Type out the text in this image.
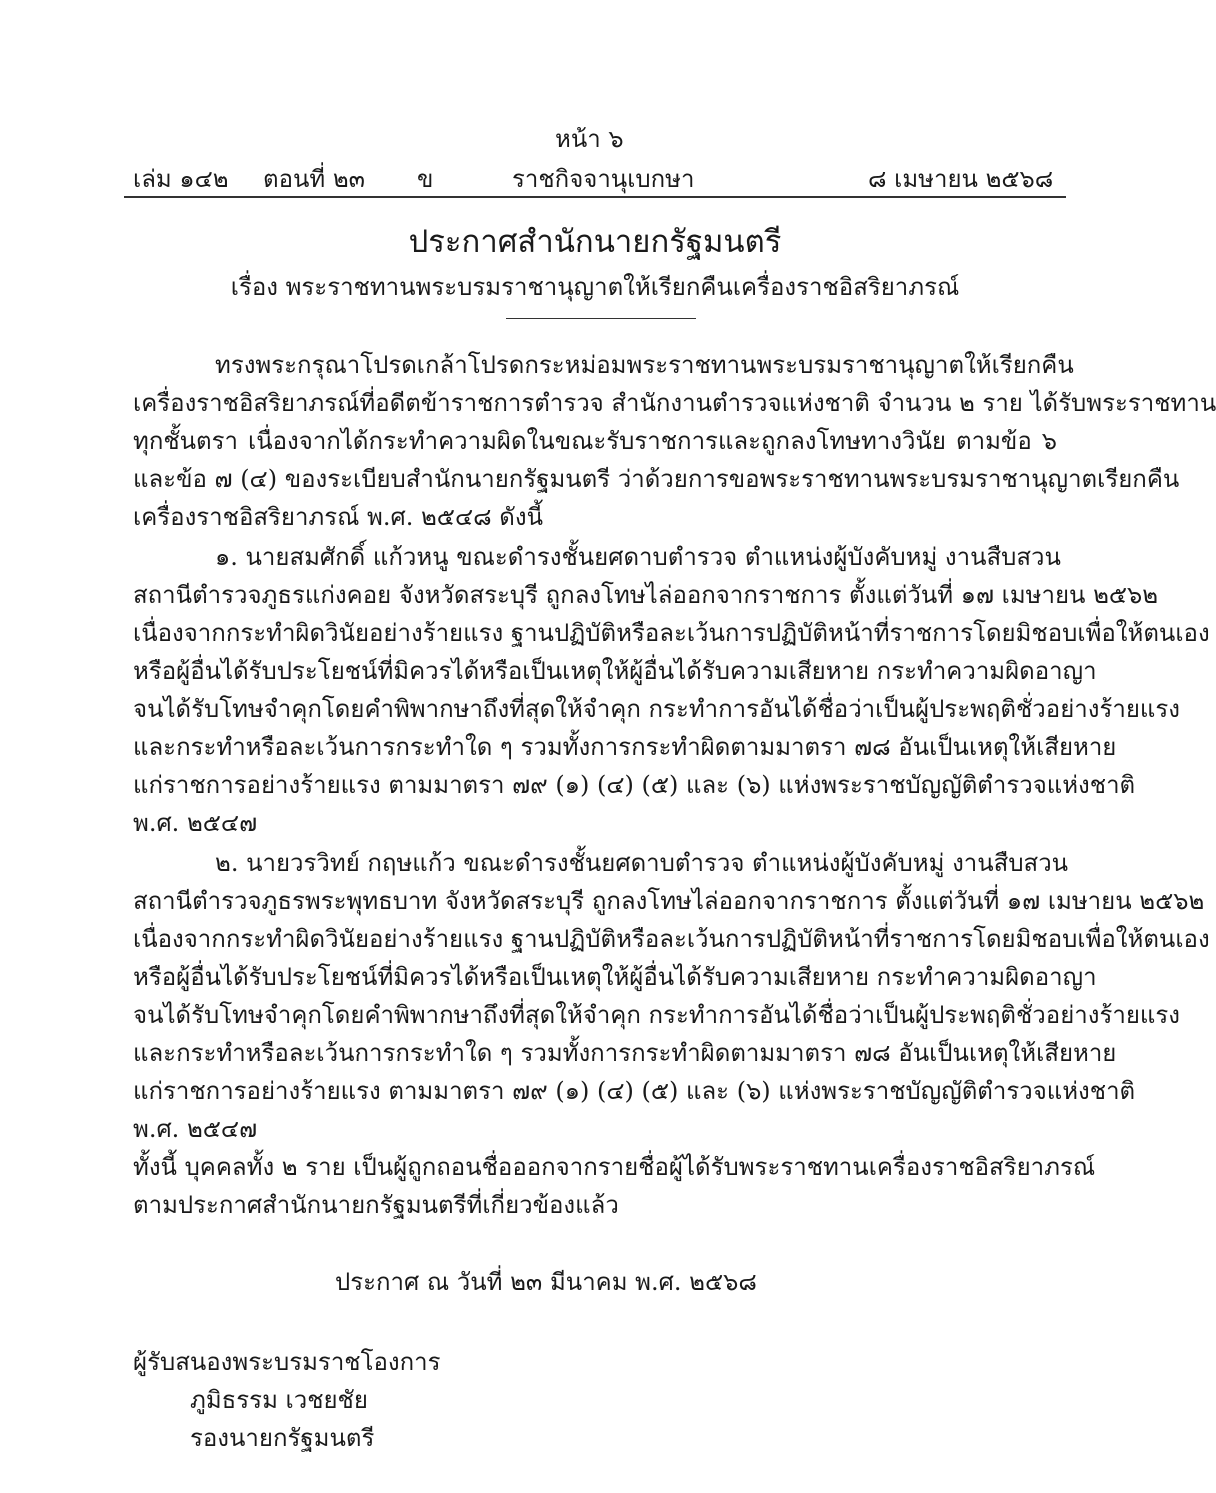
หน้า ๖
เล่ม ๑๔๒ ตอนที่ ๒๓ ข	ราชกิจจานุเบกษา	๘ เมษายน ๒๕๖๘
ประกาศสำนักนายกรัฐมนตรี
เรื่อง พระราชทานพระบรมราชานุญาตให้เรียกคืนเครื่องราชอิสริยาภรณ์
ทรงพระกรุณาโปรดเกล้าโปรดกระหม่อมพระราชทานพระบรมราชานุญาตให้เรียกคืน
เครื่องราชอิสริยาภรณ์ที่อดีตข้าราชการตำรวจ สำนักงานตำรวจแห่งชาติ จำนวน ๒ ราย ได้รับพระราชทาน
ทุกชั้นตรา เนื่องจากได้กระทำความผิดในขณะรับราชการและถูกลงโทษทางวินัย ตามข้อ ๖
และข้อ ๗ (๔) ของระเบียบสำนักนายกรัฐมนตรี ว่าด้วยการขอพระราชทานพระบรมราชานุญาตเรียกคืน
เครื่องราชอิสริยาภรณ์ พ.ศ. ๒๕๔๘ ดังนี้
๑. นายสมศักดิ์ แก้วหนู ขณะดำรงชั้นยศดาบตำรวจ ตำแหน่งผู้บังคับหมู่ งานสืบสวน
สถานีตำรวจภูธรแก่งคอย จังหวัดสระบุรี ถูกลงโทษไล่ออกจากราชการ ตั้งแต่วันที่ ๑๗ เมษายน ๒๕๖๒
เนื่องจากกระทำผิดวินัยอย่างร้ายแรง ฐานปฏิบัติหรือละเว้นการปฏิบัติหน้าที่ราชการโดยมิชอบเพื่อให้ตนเอง
หรือผู้อื่นได้รับประโยชน์ที่มิควรได้หรือเป็นเหตุให้ผู้อื่นได้รับความเสียหาย กระทำความผิดอาญา
จนได้รับโทษจำคุกโดยคำพิพากษาถึงที่สุดให้จำคุก กระทำการอันได้ชื่อว่าเป็นผู้ประพฤติชั่วอย่างร้ายแรง
และกระทำหรือละเว้นการกระทำใด ๆ รวมทั้งการกระทำผิดตามมาตรา ๗๘ อันเป็นเหตุให้เสียหาย
แก่ราชการอย่างร้ายแรง ตามมาตรา ๗๙ (๑) (๔) (๕) และ (๖) แห่งพระราชบัญญัติตำรวจแห่งชาติ
พ.ศ. ๒๕๔๗
๒. นายวรวิทย์ กฤษแก้ว ขณะดำรงชั้นยศดาบตำรวจ ตำแหน่งผู้บังคับหมู่ งานสืบสวน
สถานีตำรวจภูธรพระพุทธบาท จังหวัดสระบุรี ถูกลงโทษไล่ออกจากราชการ ตั้งแต่วันที่ ๑๗ เมษายน ๒๕๖๒
เนื่องจากกระทำผิดวินัยอย่างร้ายแรง ฐานปฏิบัติหรือละเว้นการปฏิบัติหน้าที่ราชการโดยมิชอบเพื่อให้ตนเอง
หรือผู้อื่นได้รับประโยชน์ที่มิควรได้หรือเป็นเหตุให้ผู้อื่นได้รับความเสียหาย กระทำความผิดอาญา
จนได้รับโทษจำคุกโดยคำพิพากษาถึงที่สุดให้จำคุก กระทำการอันได้ชื่อว่าเป็นผู้ประพฤติชั่วอย่างร้ายแรง
และกระทำหรือละเว้นการกระทำใด ๆ รวมทั้งการกระทำผิดตามมาตรา ๗๘ อันเป็นเหตุให้เสียหาย
แก่ราชการอย่างร้ายแรง ตามมาตรา ๗๙ (๑) (๔) (๕) และ (๖) แห่งพระราชบัญญัติตำรวจแห่งชาติ
พ.ศ. ๒๕๔๗
ทั้งนี้ บุคคลทั้ง ๒ ราย เป็นผู้ถูกถอนชื่อออกจากรายชื่อผู้ได้รับพระราชทานเครื่องราชอิสริยาภรณ์
ตามประกาศสำนักนายกรัฐมนตรีที่เกี่ยวข้องแล้ว
ประกาศ ณ วันที่ ๒๓ มีนาคม พ.ศ. ๒๕๖๘
ผู้รับสนองพระบรมราชโองการ
ภูมิธรรม เวชยชัย
รองนายกรัฐมนตรี
